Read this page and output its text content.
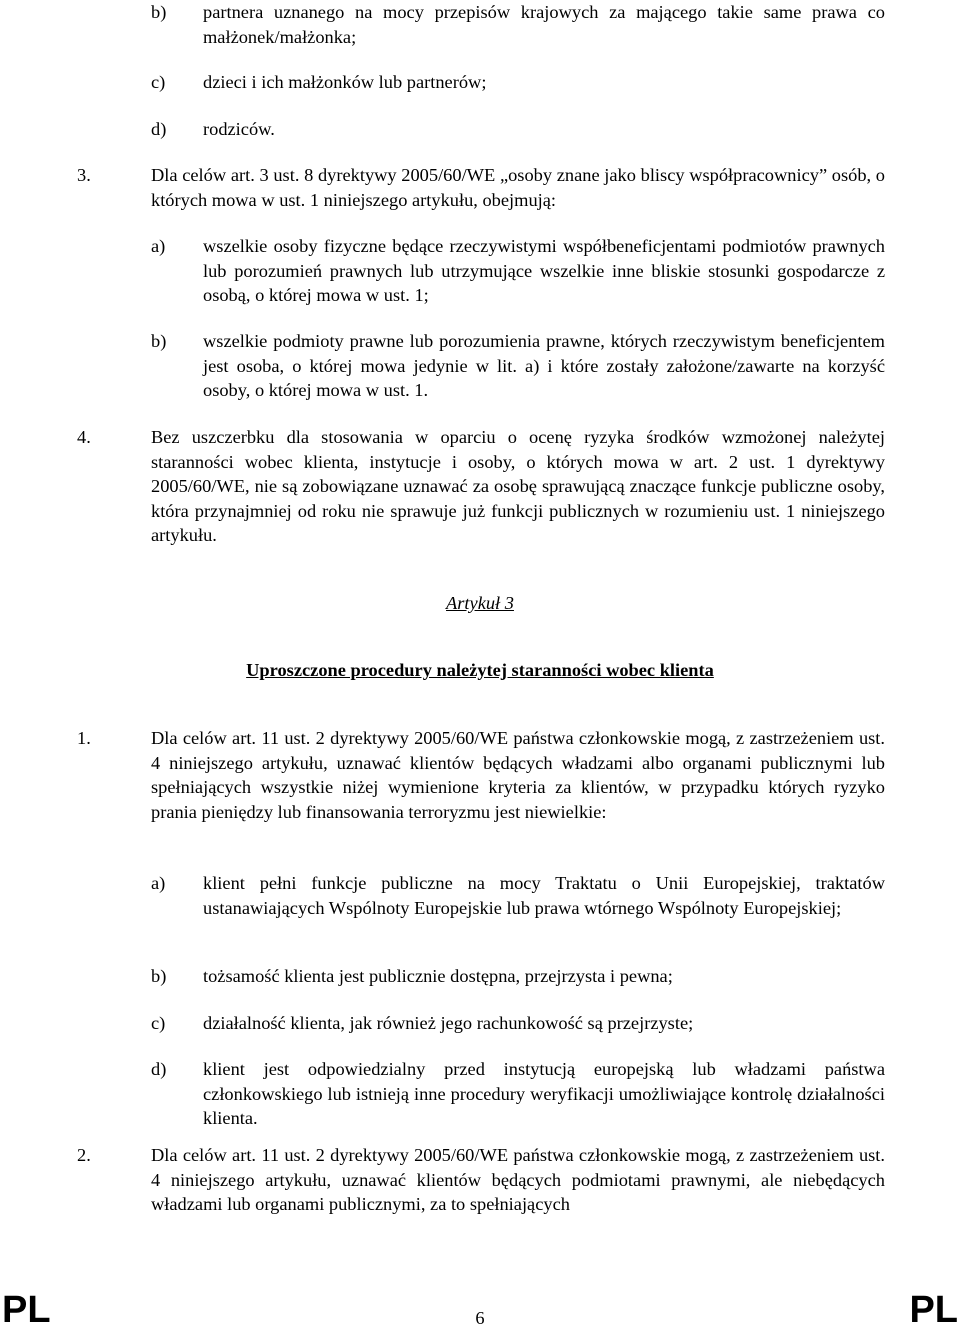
b) partnera uznanego na mocy przepisów krajowych za mającego takie same prawa co małżonek/małżonka;
c) dzieci i ich małżonków lub partnerów;
d) rodziców.
3.	Dla celów art. 3 ust. 8 dyrektywy 2005/60/WE „osoby znane jako bliscy współpracownicy” osób, o których mowa w ust. 1 niniejszego artykułu, obejmują:
a) wszelkie osoby fizyczne będące rzeczywistymi współbeneficjentami podmiotów prawnych lub porozumień prawnych lub utrzymujące wszelkie inne bliskie stosunki gospodarcze z osobą, o której mowa w ust. 1;
b) wszelkie podmioty prawne lub porozumienia prawne, których rzeczywistym beneficjentem jest osoba, o której mowa jedynie w lit. a) i które zostały założone/zawarte na korzyść osoby, o której mowa w ust. 1.
4.	Bez uszczerbku dla stosowania w oparciu o ocenę ryzyka środków wzmożonej należytej staranności wobec klienta, instytucje i osoby, o których mowa w art. 2 ust. 1 dyrektywy 2005/60/WE, nie są zobowiązane uznawać za osobę sprawującą znaczące funkcje publiczne osoby, która przynajmniej od roku nie sprawuje już funkcji publicznych w rozumieniu ust. 1 niniejszego artykułu.
Artykuł 3
Uproszczone procedury należytej staranności wobec klienta
1.	Dla celów art. 11 ust. 2 dyrektywy 2005/60/WE państwa członkowskie mogą, z zastrzeżeniem ust. 4 niniejszego artykułu, uznawać klientów będących władzami albo organami publicznymi lub spełniających wszystkie niżej wymienione kryteria za klientów, w przypadku których ryzyko prania pieniędzy lub finansowania terroryzmu jest niewielkie:
a) klient pełni funkcje publiczne na mocy Traktatu o Unii Europejskiej, traktatów ustanawiających Wspólnoty Europejskie lub prawa wtórnego Wspólnoty Europejskiej;
b) tożsamość klienta jest publicznie dostępna, przejrzysta i pewna;
c) działalność klienta, jak również jego rachunkowość są przejrzyste;
d) klient jest odpowiedzialny przed instytucją europejską lub władzami państwa członkowskiego lub istnieją inne procedury weryfikacji umożliwiające kontrolę działalności klienta.
2.	Dla celów art. 11 ust. 2 dyrektywy 2005/60/WE państwa członkowskie mogą, z zastrzeżeniem ust. 4 niniejszego artykułu, uznawać klientów będących podmiotami prawnymi, ale niebędących władzami lub organami publicznymi, za to spełniających
PL	6	PL
